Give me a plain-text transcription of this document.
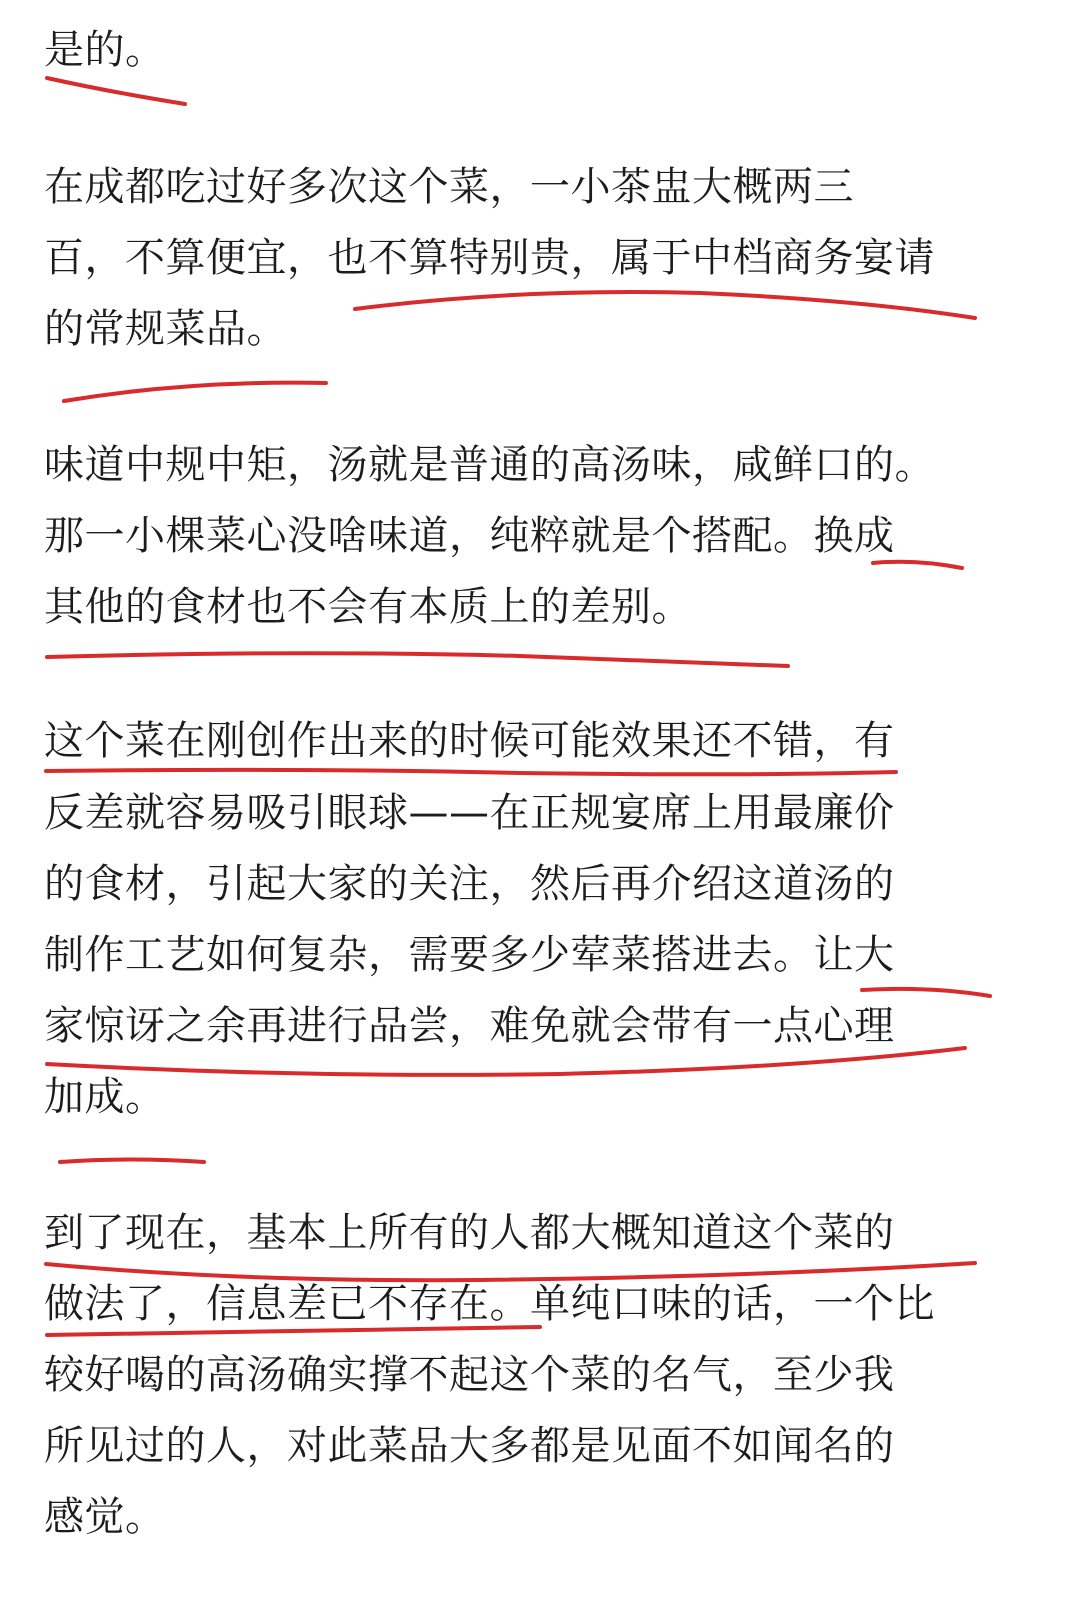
是的。

在成都吃过好多次这个菜，一小茶盅大概两三

百，不算便宜，也不算特别贵，属于中档商务宴请

的常规菜品。

味道中规中矩，汤就是普通的高汤味，咸鲜口的。

那一小棵菜心没啥味道，纯粹就是个搭配。换成

其他的食材也不会有本质上的差别。

这个菜在刚创作出来的时候可能效果还不错，有

反差就容易吸引眼球——在正规宴席上用最廉价

的食材，引起大家的关注，然后再介绍这道汤的

制作工艺如何复杂，需要多少荤菜搭进去。让大

家惊讶之余再进行品尝，难免就会带有一点心理

加成。

到了现在，基本上所有的人都大概知道这个菜的

做法了，信息差已不存在。单纯口味的话，一个比

较好喝的高汤确实撑不起这个菜的名气，至少我

所见过的人，对此菜品大多都是见面不如闻名的

感觉。
